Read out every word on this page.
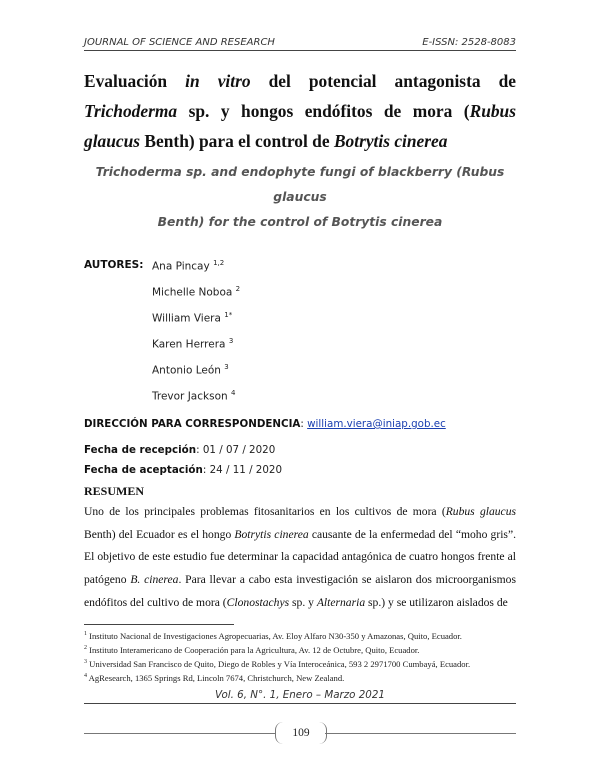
JOURNAL OF SCIENCE AND RESEARCH	E-ISSN: 2528-8083
Evaluación in vitro del potencial antagonista de Trichoderma sp. y hongos endófitos de mora (Rubus glaucus Benth) para el control de Botrytis cinerea
Trichoderma sp. and endophyte fungi of blackberry (Rubus glaucus
Benth) for the control of Botrytis cinerea
AUTORES: Ana Pincay $^{1,2}$
Michelle Noboa $^2$
William Viera $^{1*}$
Karen Herrera $^3$
Antonio León $^3$
Trevor Jackson $^4$
DIRECCIÓN PARA CORRESPONDENCIA: william.viera@iniap.gob.ec
Fecha de recepción: 01 / 07 / 2020
Fecha de aceptación: 24 / 11 / 2020
RESUMEN
Uno de los principales problemas fitosanitarios en los cultivos de mora (Rubus glaucus Benth) del Ecuador es el hongo Botrytis cinerea causante de la enfermedad del “moho gris”. El objetivo de este estudio fue determinar la capacidad antagónica de cuatro hongos frente al patógeno B. cinerea. Para llevar a cabo esta investigación se aislaron dos microorganismos endófitos del cultivo de mora (Clonostachys sp. y Alternaria sp.) y se utilizaron aislados de
$^1$ Instituto Nacional de Investigaciones Agropecuarias, Av. Eloy Alfaro N30-350 y Amazonas, Quito, Ecuador.
$^2$ Instituto Interamericano de Cooperación para la Agricultura, Av. 12 de Octubre, Quito, Ecuador.
$^3$ Universidad San Francisco de Quito, Diego de Robles y Vía Interoceánica, 593 2 2971700 Cumbayá, Ecuador.
$^4$ AgResearch, 1365 Springs Rd, Lincoln 7674, Christchurch, New Zealand.
Vol. 6, N°. 1, Enero – Marzo 2021
109
